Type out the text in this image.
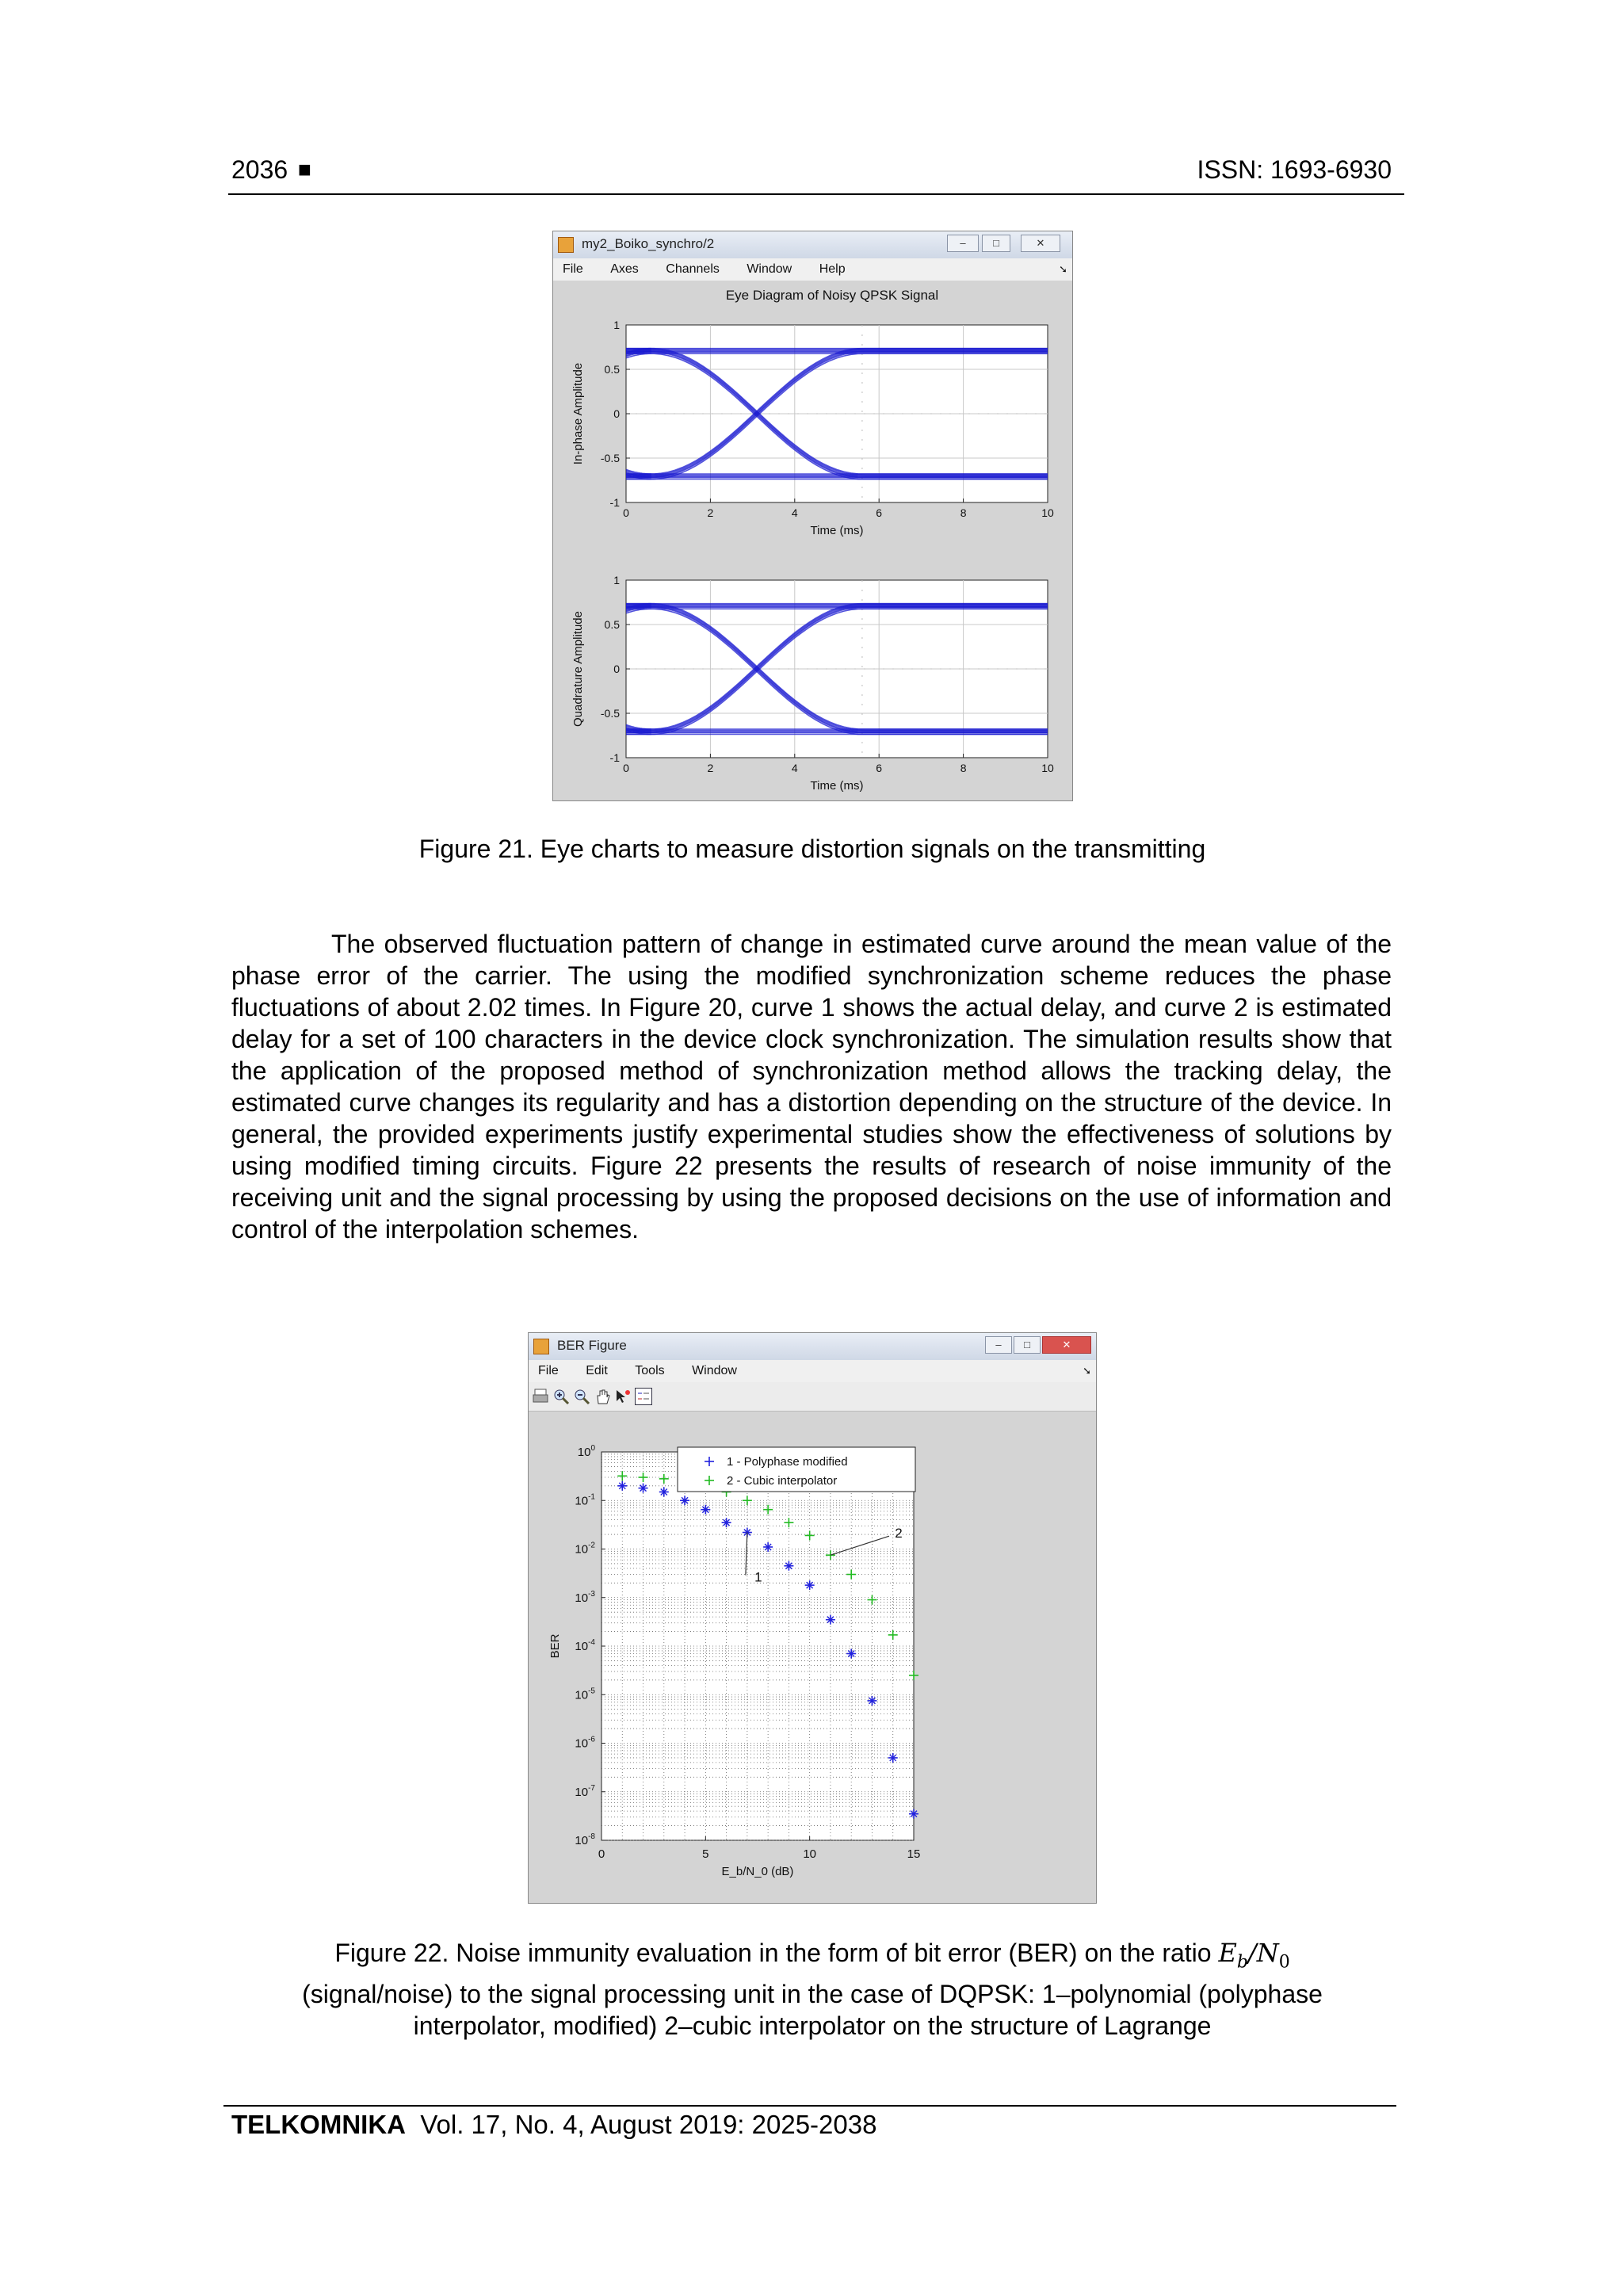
2036 ■	ISSN: 1693-6930
my2_Boiko_synchro/2	–	□	✕
File Axes Channels Window Help	➘
Eye Diagram of Noisy QPSK Signal
0	2	4	6	8	10
1
0.5
0
-0.5
-1
Time (ms)
In-phase Amplitude
0	2	4	6	8	10
1
0.5
0
-0.5
-1
Time (ms)
Quadrature Amplitude
Figure 21. Eye charts to measure distortion signals on the transmitting

The observed fluctuation pattern of change in estimated curve around the mean value of the phase error of the carrier. The using the modified synchronization scheme reduces the phase fluctuations of about 2.02 times. In Figure 20, curve 1 shows the actual delay, and curve 2 is estimated delay for a set of 100 characters in the device clock synchronization. The simulation results show that the application of the proposed method of synchronization method allows the tracking delay, the estimated curve changes its regularity and has a distortion depending on the structure of the device. In general, the provided experiments justify experimental studies show the effectiveness of solutions by using modified timing circuits. Figure 22 presents the results of research of noise immunity of the receiving unit and the signal processing by using the proposed decisions on the use of information and control of the interpolation schemes.

BER Figure	–	□	✕
File Edit Tools Window	➘
0	5	10	15
$10^0$
$10^{-1}$
$10^{-2}$
$10^{-3}$
$10^{-4}$
$10^{-5}$
$10^{-6}$
$10^{-7}$
$10^{-8}$
E_b/N_0 (dB)
BER
1 - Polyphase modified
2 - Cubic interpolator
1
2
Figure 22. Noise immunity evaluation in the form of bit error (BER) on the ratio $E_b/N_0$
(signal/noise) to the signal processing unit in the case of DQPSK: 1–polynomial (polyphase
interpolator, modified) 2–cubic interpolator on the structure of Lagrange
TELKOMNIKA Vol. 17, No. 4, August 2019: 2025-2038
